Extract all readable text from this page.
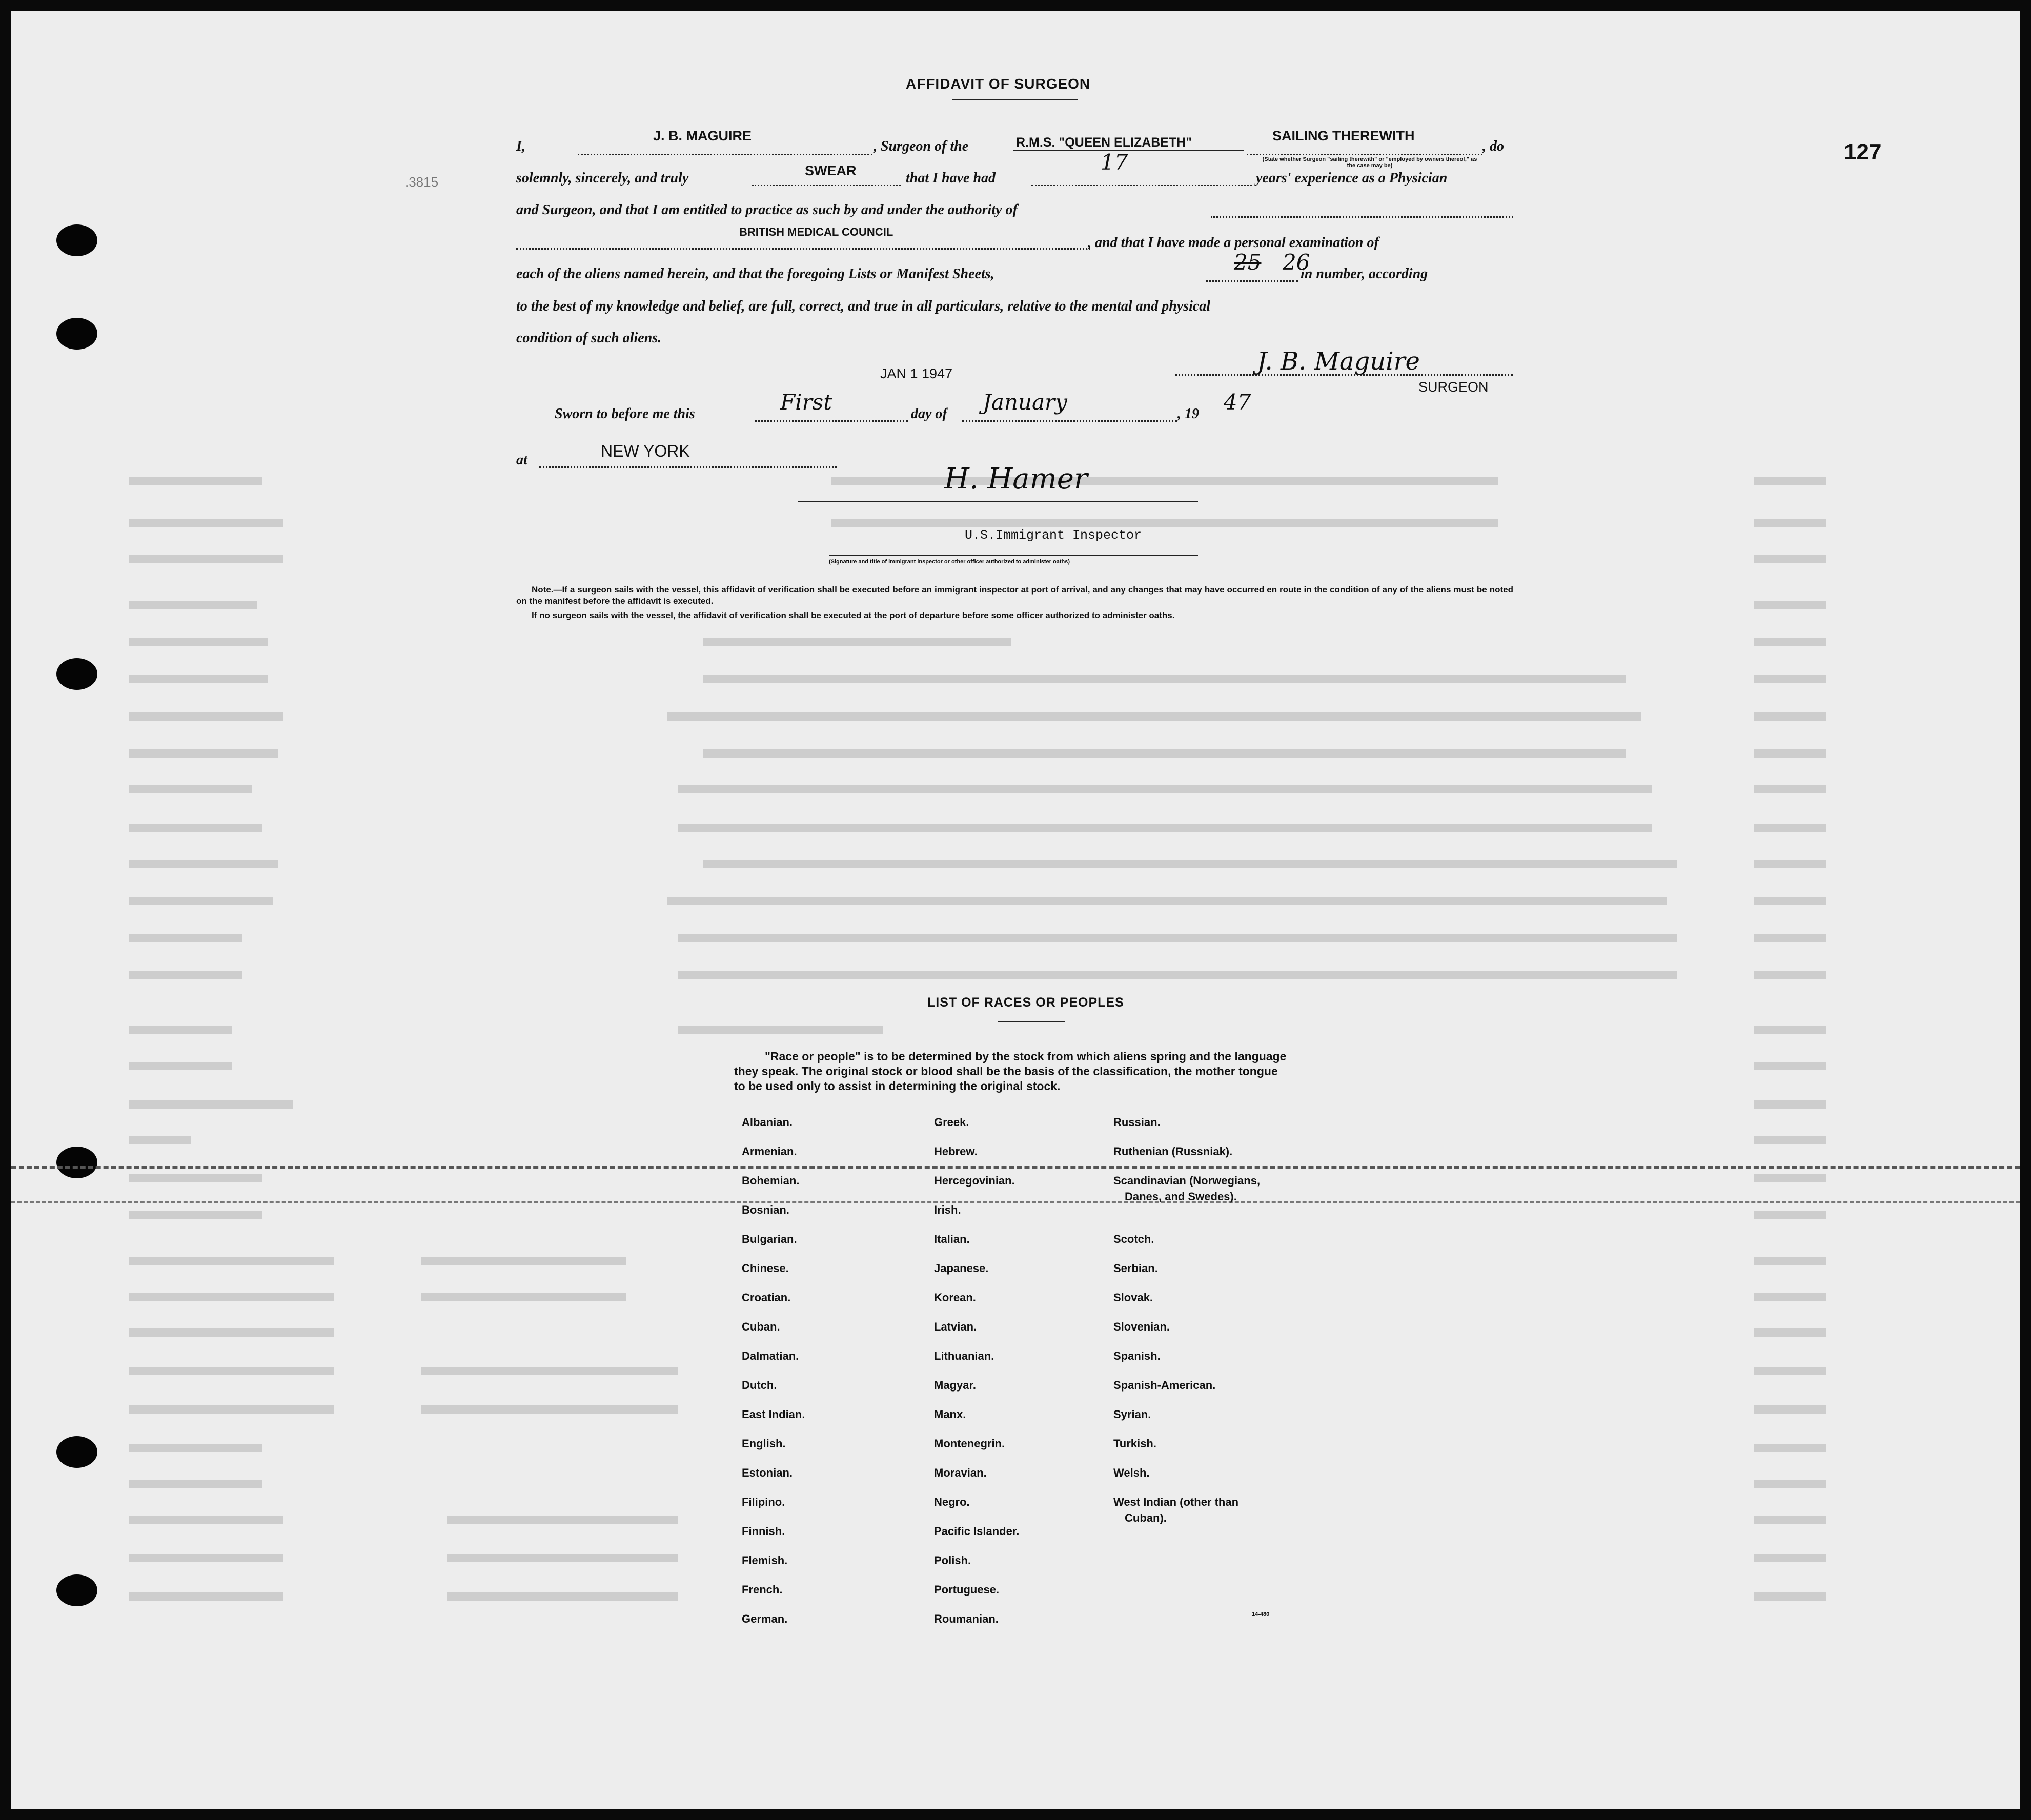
127
.3815
AFFIDAVIT OF SURGEON
I,
J. B. MAGUIRE
, Surgeon of the	R.M.S. "QUEEN ELIZABETH"	SAILING THEREWITH
, do
(State whether Surgeon "sailing therewith" or "employed by owners thereof," as the case may be)
solemnly, sincerely, and truly	SWEAR	that I have had
17
years' experience as a Physician
and Surgeon, and that I am entitled to practice as such by and under the authority of
BRITISH MEDICAL COUNCIL
, and that I have made a personal examination of
each of the aliens named herein, and that the foregoing Lists or Manifest Sheets,	25 26
in number, according
to the best of my knowledge and belief, are full, correct, and true in all particulars, relative to the mental and physical
condition of such aliens.
JAN 1 1947	J. B. Maguire
SURGEON
Sworn to before me this	First	day of January	, 19 47
at	NEW YORK
H. Hamer
U.S.Immigrant Inspector
(Signature and title of immigrant inspector or other officer authorized to administer oaths)
Note.—If a surgeon sails with the vessel, this affidavit of verification shall be executed before an immigrant inspector at port of arrival, and any changes that may have occurred en route in the condition of any of the aliens must be noted on the manifest before the affidavit is executed.
If no surgeon sails with the vessel, the affidavit of verification shall be executed at the port of departure before some officer authorized to administer oaths.
LIST OF RACES OR PEOPLES
"Race or people" is to be determined by the stock from which aliens spring and the language they speak. The original stock or blood shall be the basis of the classification, the mother tongue to be used only to assist in determining the original stock.
Albanian.
Armenian.
Bohemian.
Bosnian.
Bulgarian.
Chinese.
Croatian.
Cuban.
Dalmatian.
Dutch.
East Indian.
English.
Estonian.
Filipino.
Finnish.
Flemish.
French.
German.
Greek.
Hebrew.
Hercegovinian.
Irish.
Italian.
Japanese.
Korean.
Latvian.
Lithuanian.
Magyar.
Manx.
Montenegrin.
Moravian.
Negro.
Pacific Islander.
Polish.
Portuguese.
Roumanian.
Russian.
Ruthenian (Russniak).
Scandinavian (Norwegians,
Danes, and Swedes).
Scotch.
Serbian.
Slovak.
Slovenian.
Spanish.
Spanish-American.
Syrian.
Turkish.
Welsh.
West Indian (other than
Cuban).
14-480
